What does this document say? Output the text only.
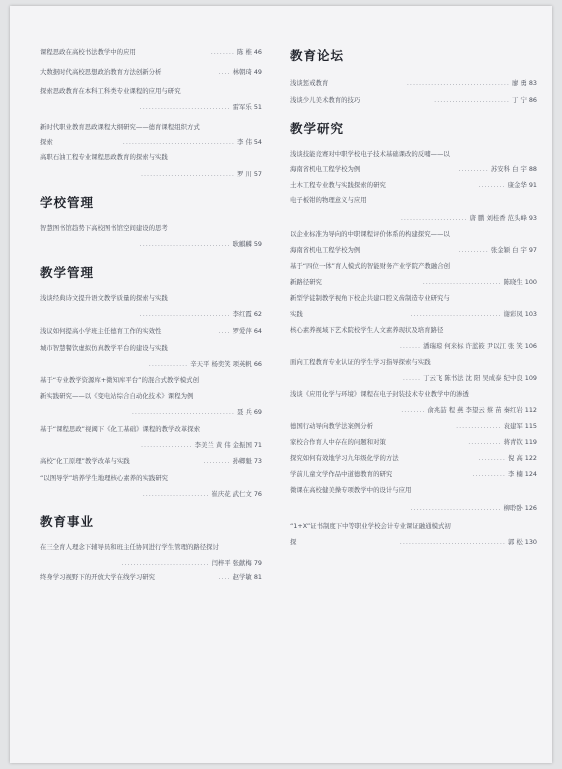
课程思政在高校书法教学中的应用	........ 陈 椎 46
大数据时代高校思想政治教育方法创新分析	.... 林朝琦 49
探索思政教育在本科工科类专业课程的应用与研究
.............................. 雷军乐 51
新时代职业教育思政课程大纲研究——德育课程组织方式
探索	..................................... 李 伟 54
高职石油工程专业课程思政教育的探索与实践
............................... 罗 川 57
学校管理
智慧图书馆趋势下高校图书馆空间建设的思考
.............................. 耿麒麟 59
教学管理
浅谈经典诗文提升语文教学质量的探索与实践
.............................. 李红霞 62
浅议如何提高小学班主任德育工作的实效性	.... 罗爱萍 64
城市智慧餐饮虚拟仿真教学平台的建设与实践
............. 辛天平 杨奕笑 项英帆 66
基于“专业教学资源库+微知库平台”的混合式教学模式创
新实践研究——以《变电站综合自动化技术》课程为例
.................................. 聂 兵 69
基于“课程思政”视阈下《化工基础》课程的教学改革探索
................. 李美兰 黄 伟 金振国 71
高校“化工原理”教学改革与实践	......... 孙卿魁 73
“以图导学”培养学生地理核心素养的实践研究
...................... 崔庆花 武仁文 76
教育事业
在三全育人理念下辅导员和班主任协同进行学生管理的路径探讨
............................. 闫梓平 张献梅 79
终身学习视野下的开放大学在线学习研究	.... 赵学敏 81
教育论坛
浅谈惩戒教育	.................................. 廖 勇 83
浅谈少儿美术教育的技巧	......................... 丁 宁 86
教学研究
浅谈技能竞赛对中职学校电子技术基础课改的反哺——以
海南省机电工程学校为例	.......... 苏安科 白 宇 88
土木工程专业教与实践探索的研究	......... 康金华 91
电子板钳的物理意义与应用
...................... 唐 鹏 刘桂香 范头峰 93
以企业标准为导向的中职课程评价体系的构建探究——以
海南省机电工程学校为例	.......... 张金颖 白 宇 97
基于“四位一体”育人模式的智能财务产业学院产教融合创
新路径研究	.......................... 陈晓生 100
新型学徒制教学视角下校企共建口腔义齿制造专业研究与
实践	.............................. 谢彩凤 103
核心素养视域下艺术院校学生人文素养现状及培育路径
....... 潘瑞琼 何来标 许蓝筱 尹以江 张 笑 106
面向工程教育专业认证的学生学习指导探索与实践
...... 丁云飞 陈书法 沈 阳 吴成泰 纪中良 109
浅谈《应用化学与环境》课程在电子封装技术专业教学中的渗透
........ 俞兆喆 程 燕 李望云 蔡 苗 秦红岩 112
德国行动导向教学法案例分析	............... 袁建军 115
家校合作育人中存在的问题和对策	........... 蒋青钦 119
探究如何有效地学习九年级化学的方法	......... 倪 高 122
学前儿童文学作品中道德教育的研究	........... 李 楠 124
微课在高校健美操专项教学中的设计与应用
.............................. 柳聆卧 126
“1+X”证书制度下中等职业学校会计专业课证融通模式初
探	................................... 郭 松 130
